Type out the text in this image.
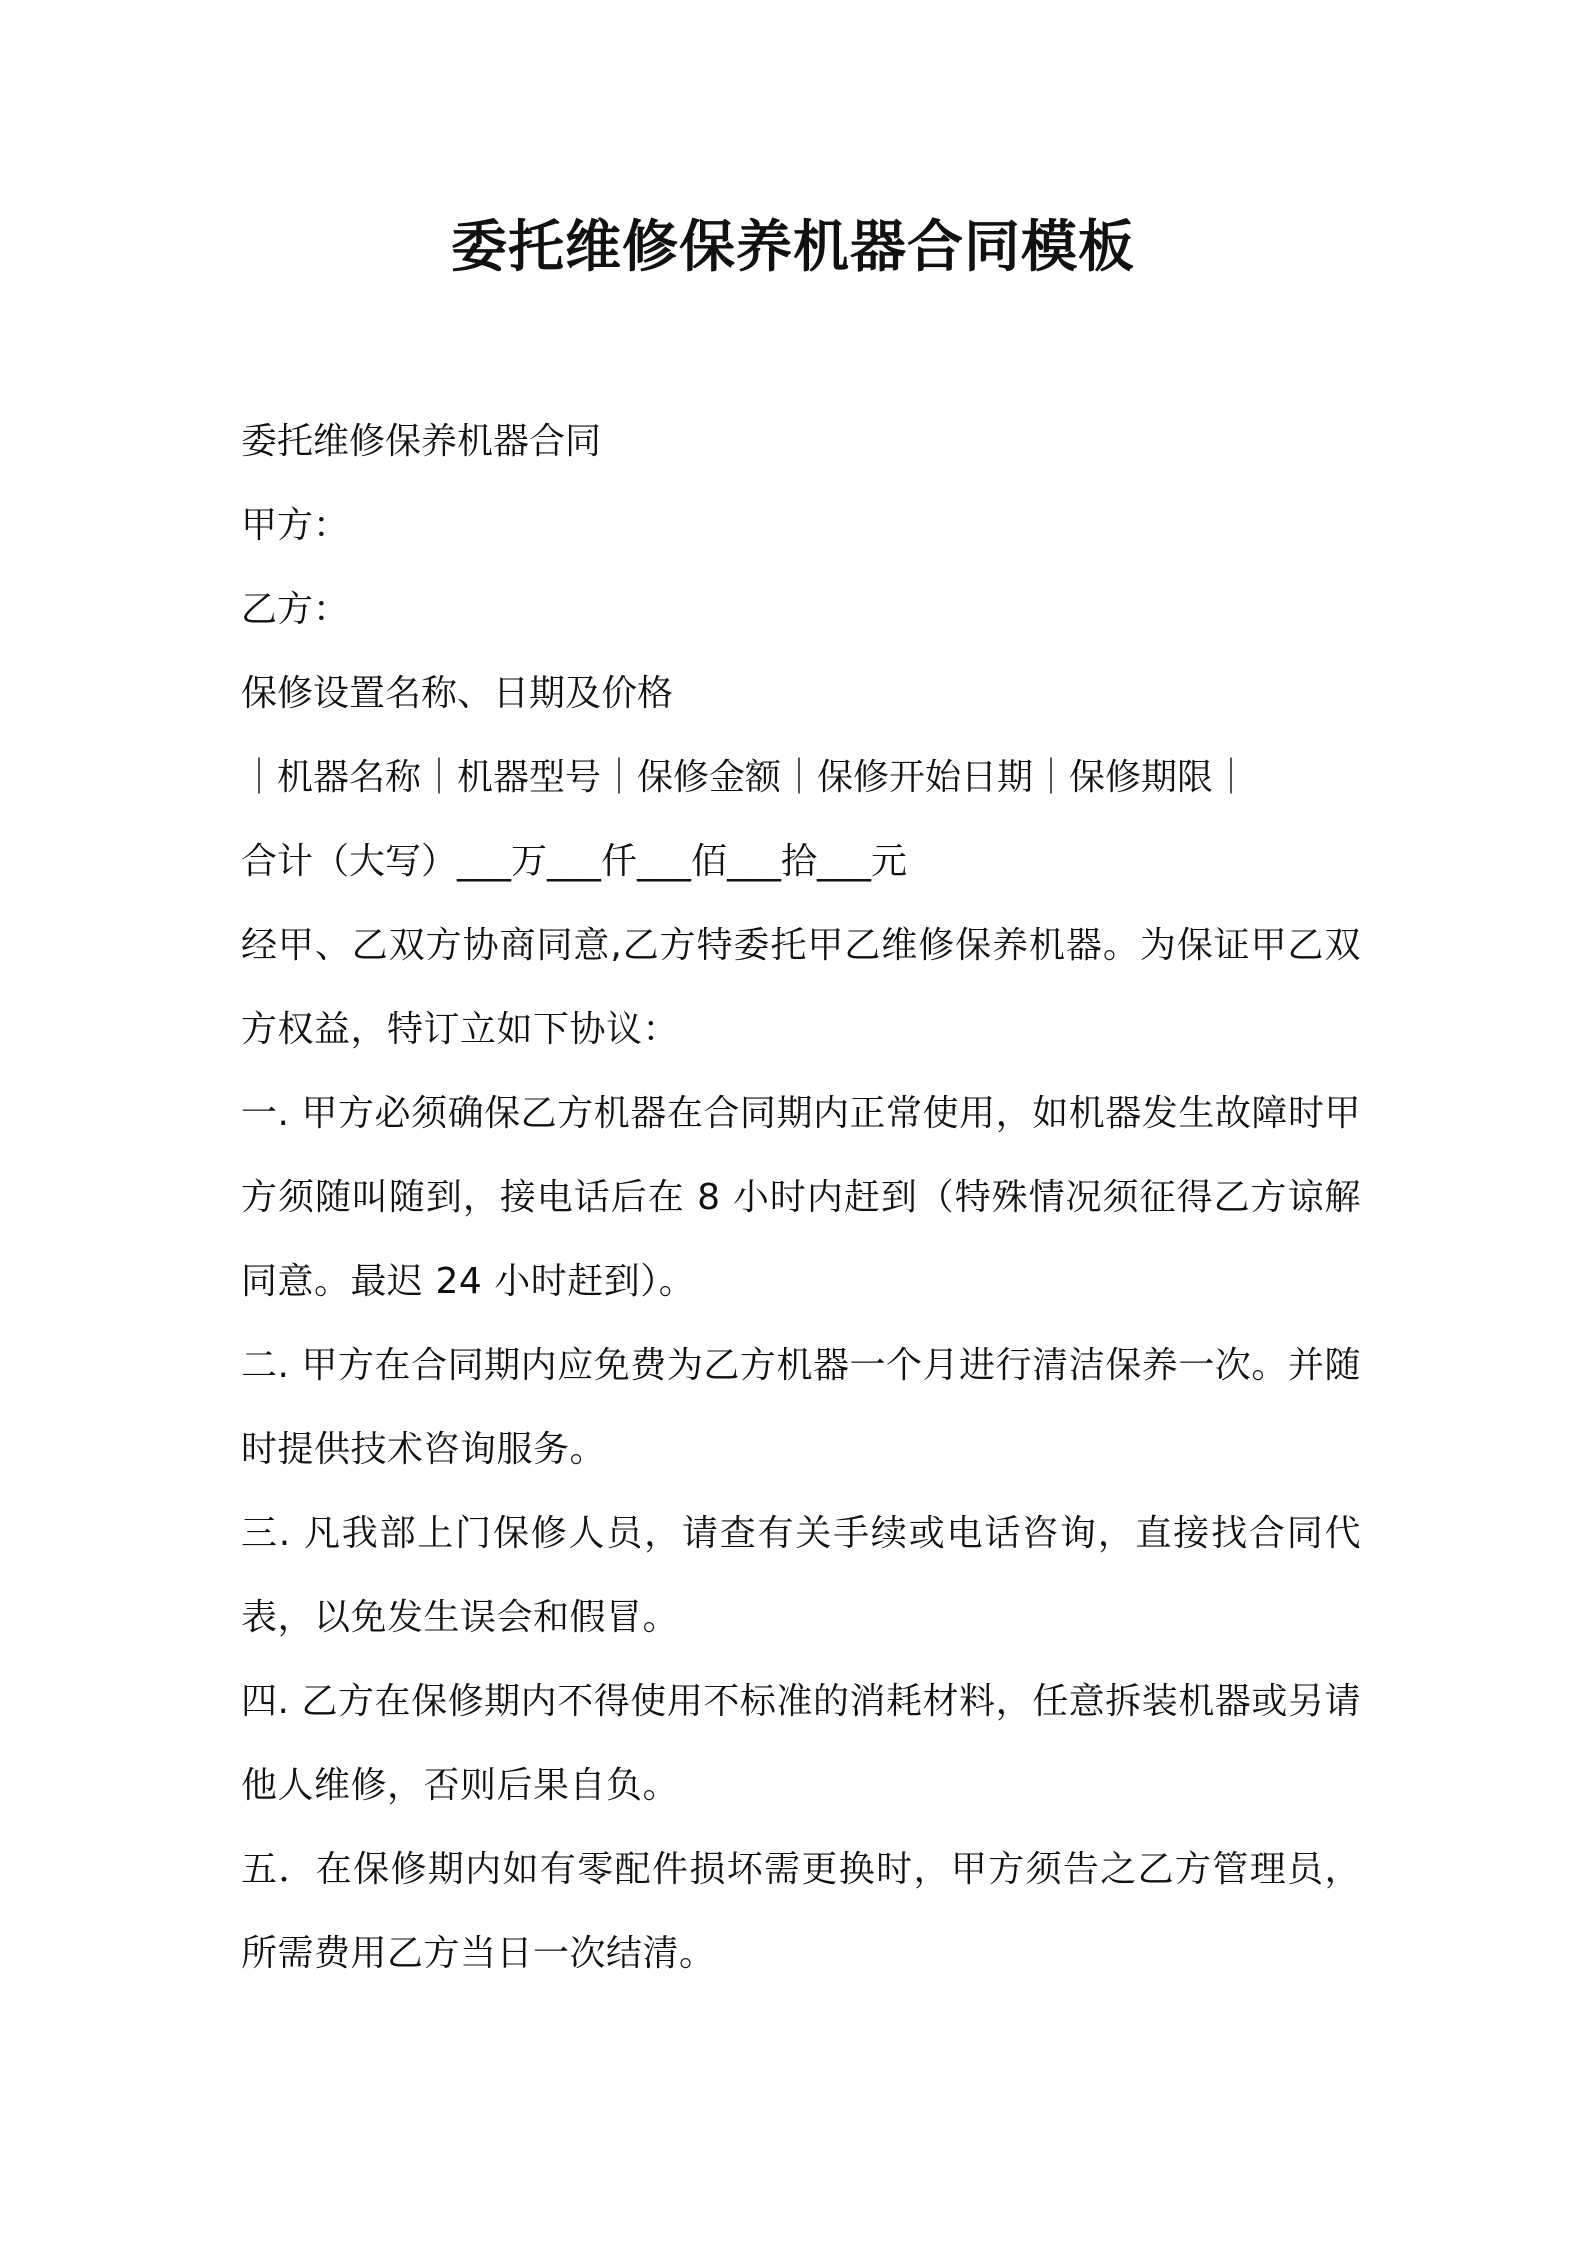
委托维修保养机器合同模板

委托维修保养机器合同

甲方：

乙方：

保修设置名称、日期及价格

｜机器名称｜机器型号｜保修金额｜保修开始日期｜保修期限｜

合计（大写）___万___仟___佰___拾___元

经甲、乙双方协商同意,乙方特委托甲乙维修保养机器。为保证甲乙双方权益，特订立如下协议：

一. 甲方必须确保乙方机器在合同期内正常使用，如机器发生故障时甲方须随叫随到，接电话后在 8 小时内赶到（特殊情况须征得乙方谅解同意。最迟 24 小时赶到）。

二. 甲方在合同期内应免费为乙方机器一个月进行清洁保养一次。并随时提供技术咨询服务。

三. 凡我部上门保修人员，请查有关手续或电话咨询，直接找合同代表，以免发生误会和假冒。

四. 乙方在保修期内不得使用不标准的消耗材料，任意拆装机器或另请他人维修，否则后果自负。

五．在保修期内如有零配件损坏需更换时，甲方须告之乙方管理员，所需费用乙方当日一次结清。
